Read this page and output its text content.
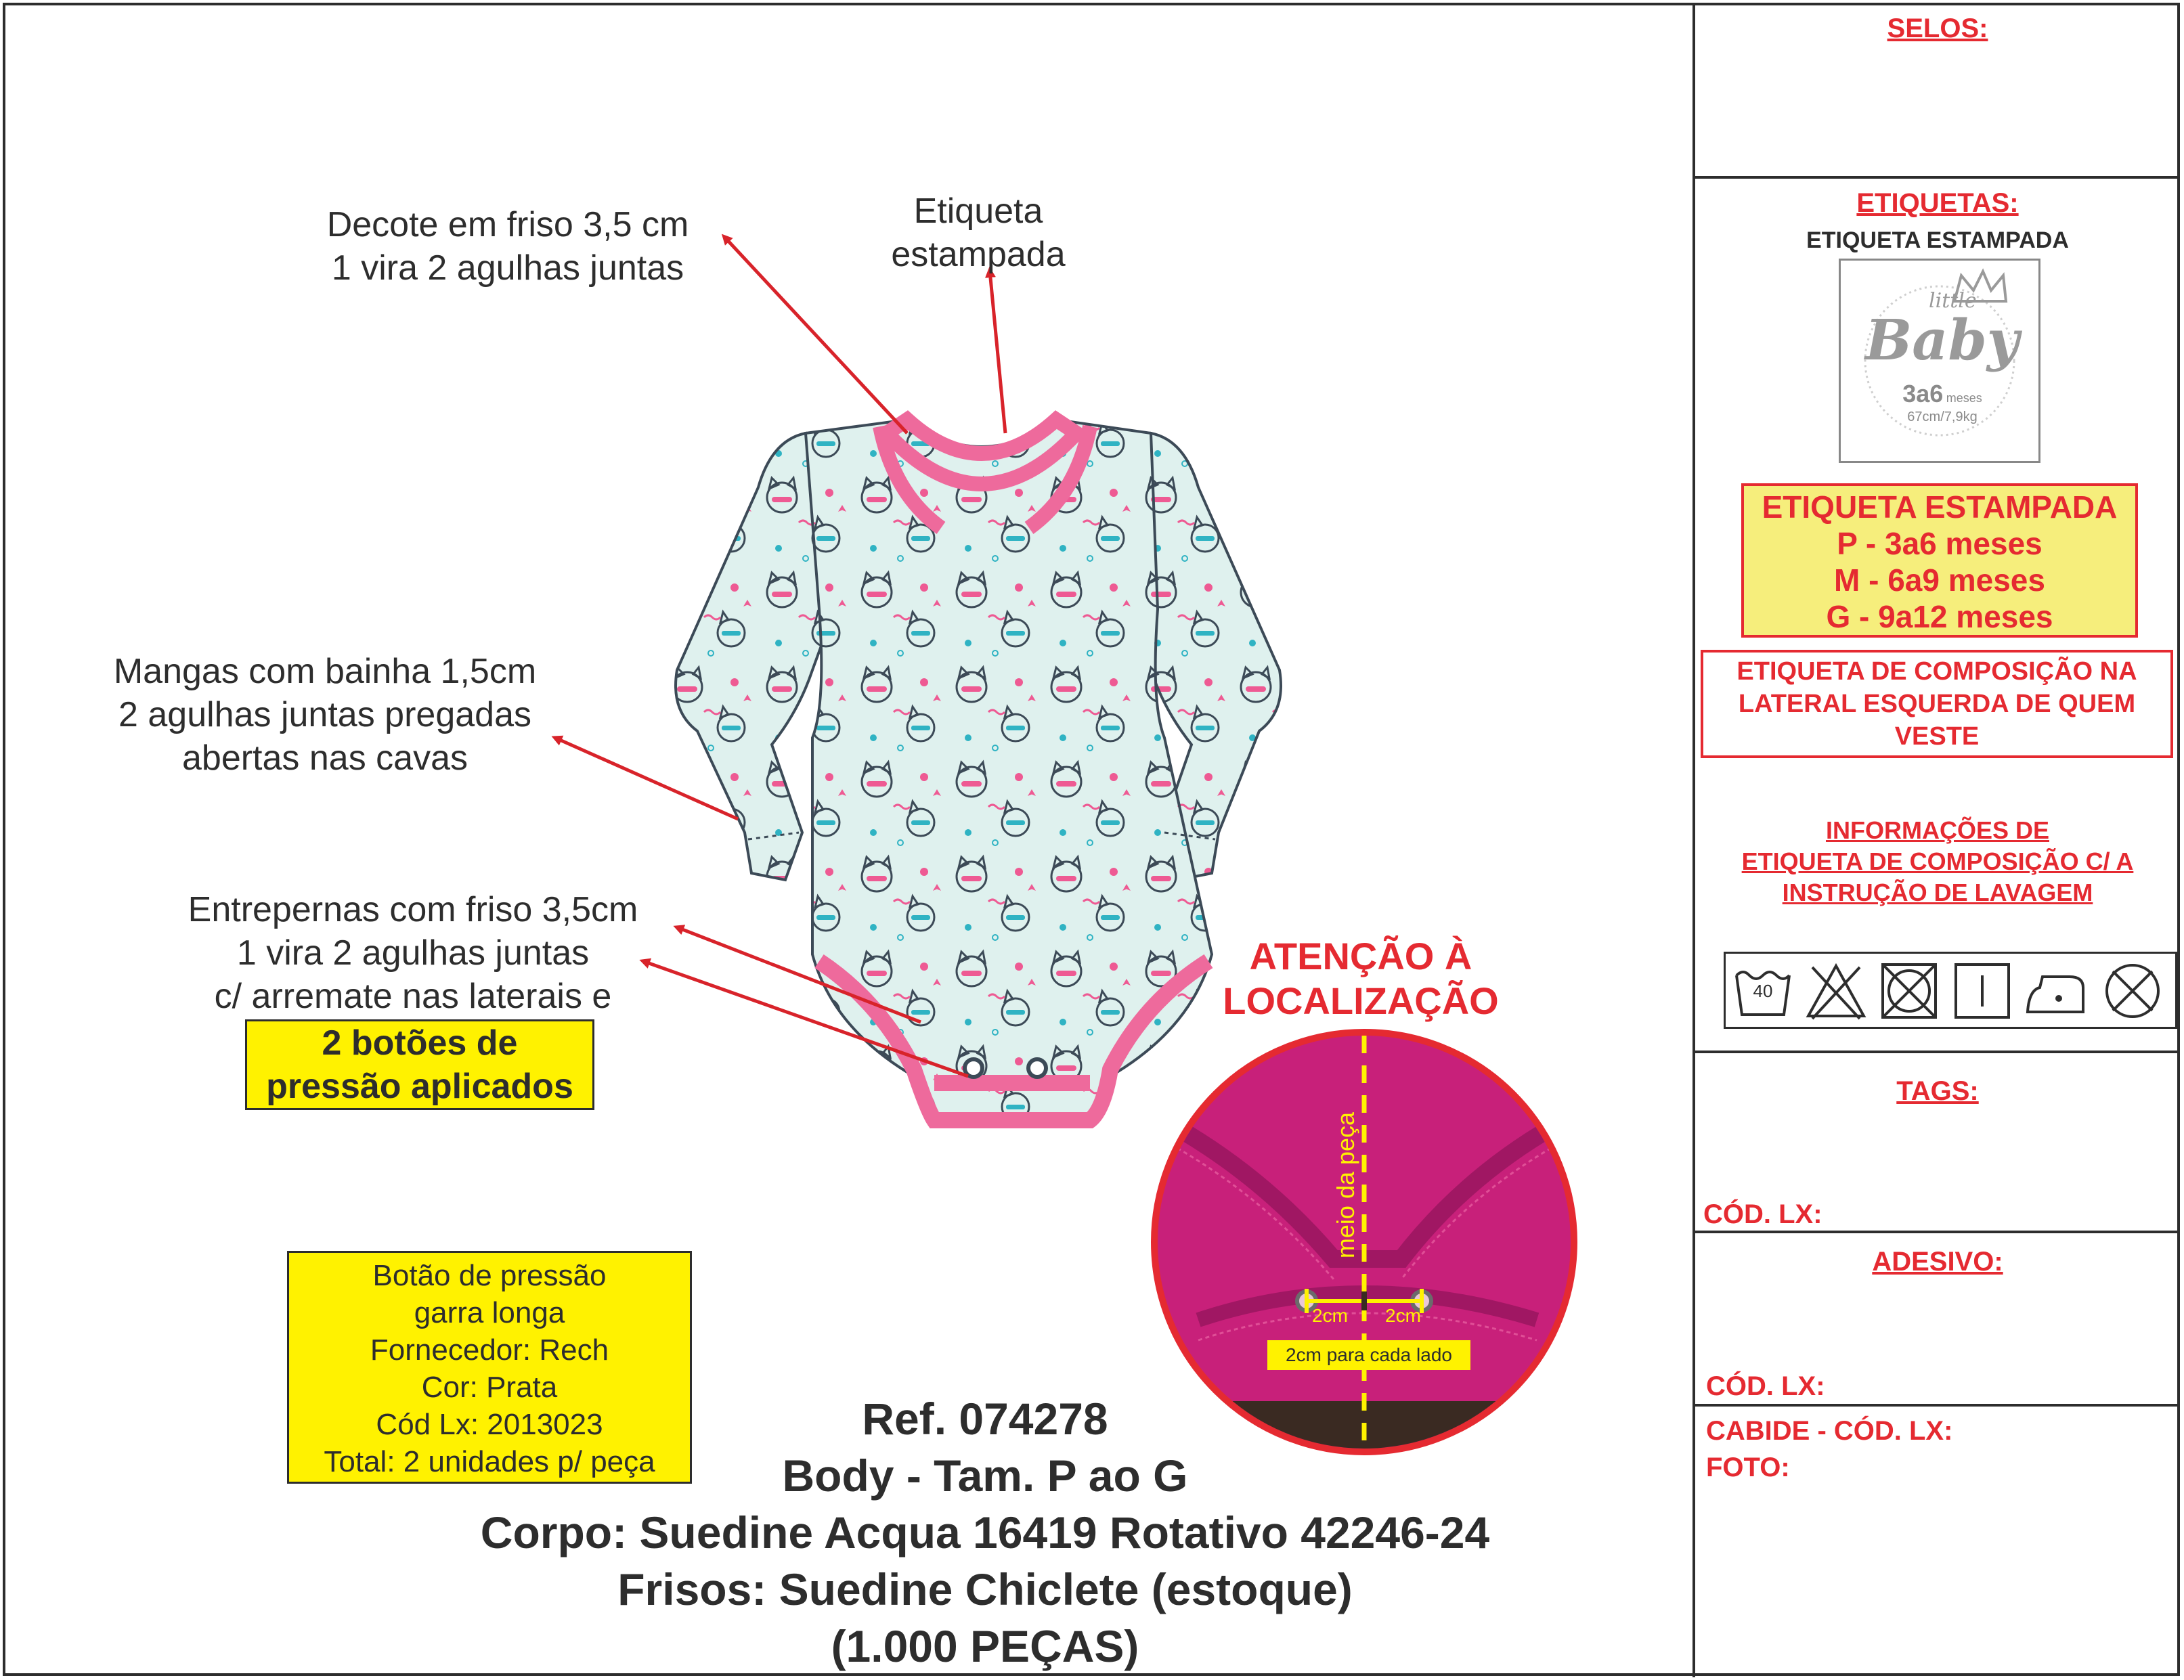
Decote em friso 3,5 cm
1 vira 2 agulhas juntas
Etiqueta
estampada
Mangas com bainha 1,5cm
2 agulhas juntas pregadas
abertas nas cavas
Entrepernas com friso 3,5cm
1 vira 2 agulhas juntas
c/ arremate nas laterais e
2 botões de
pressão aplicados
Botão de pressão
garra longa
Fornecedor: Rech
Cor: Prata
Cód Lx: 2013023
Total: 2 unidades p/ peça
Ref. 074278
Body - Tam. P ao G
Corpo: Suedine Acqua 16419 Rotativo 42246-24
Frisos: Suedine Chiclete (estoque)
(1.000 PEÇAS)
ATENÇÃO À
LOCALIZAÇÃO
meio da peça
2cm 2cm
2cm para cada lado
SELOS:
ETIQUETAS:
ETIQUETA ESTAMPADA
little
Baby
3a6 meses
67cm/7,9kg
ETIQUETA ESTAMPADA
P - 3a6 meses
M - 6a9 meses
G - 9a12 meses
ETIQUETA DE COMPOSIÇÃO NA
LATERAL ESQUERDA DE QUEM
VESTE
INFORMAÇÕES DE
ETIQUETA DE COMPOSIÇÃO C/ A
INSTRUÇÃO DE LAVAGEM
40
TAGS:
CÓD. LX:
ADESIVO:
CÓD. LX:
CABIDE - CÓD. LX:
FOTO:
